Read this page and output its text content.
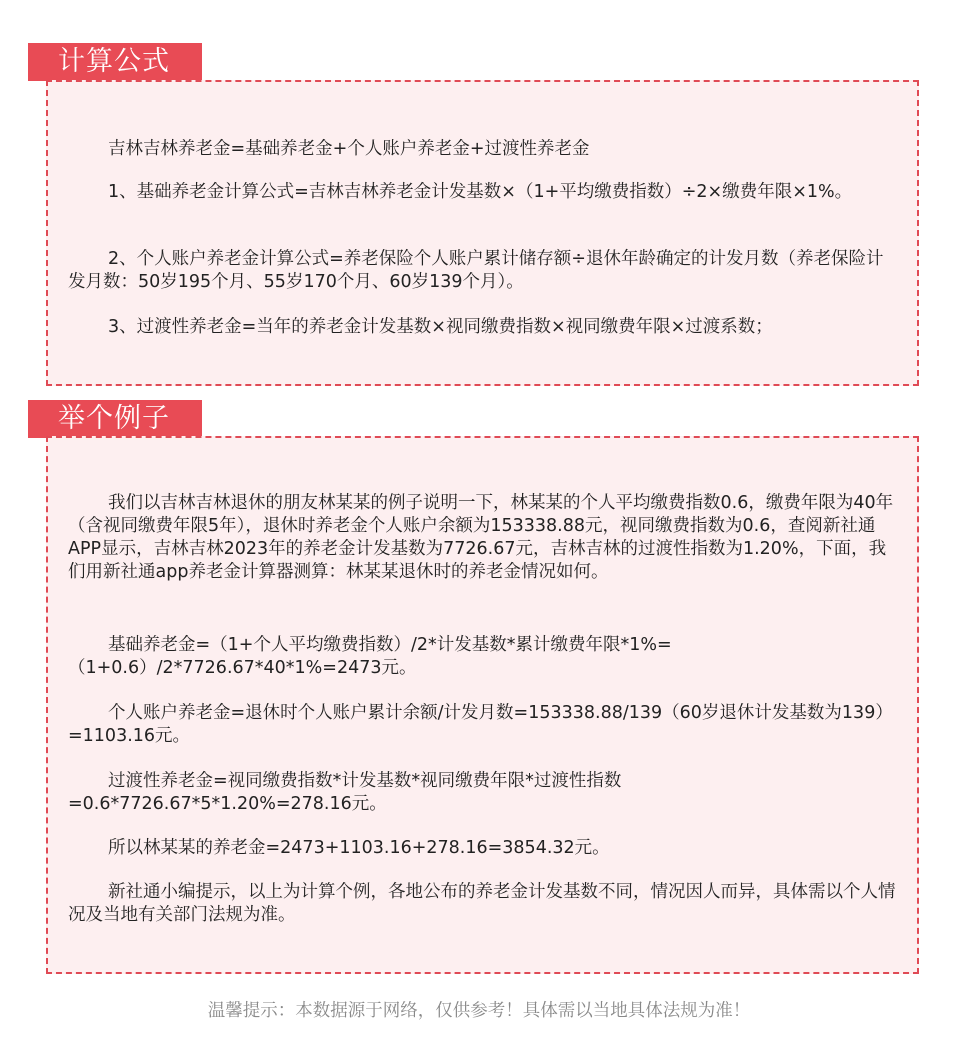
计算公式

吉林吉林养老金=基础养老金+个人账户养老金+过渡性养老金

1、基础养老金计算公式=吉林吉林养老金计发基数×（1+平均缴费指数）÷2×缴费年限×1%。

2、个人账户养老金计算公式=养老保险个人账户累计储存额÷退休年龄确定的计发月数（养老保险计发月数：50岁195个月、55岁170个月、60岁139个月）。

3、过渡性养老金=当年的养老金计发基数×视同缴费指数×视同缴费年限×过渡系数；

举个例子

我们以吉林吉林退休的朋友林某某的例子说明一下，林某某的个人平均缴费指数0.6，缴费年限为40年（含视同缴费年限5年），退休时养老金个人账户余额为153338.88元，视同缴费指数为0.6，查阅新社通APP显示，吉林吉林2023年的养老金计发基数为7726.67元，吉林吉林的过渡性指数为1.20%，下面，我们用新社通app养老金计算器测算：林某某退休时的养老金情况如何。

基础养老金=（1+个人平均缴费指数）/2*计发基数*累计缴费年限*1%=（1+0.6）/2*7726.67*40*1%=2473元。

个人账户养老金=退休时个人账户累计余额/计发月数=153338.88/139（60岁退休计发基数为139）=1103.16元。

过渡性养老金=视同缴费指数*计发基数*视同缴费年限*过渡性指数=0.6*7726.67*5*1.20%=278.16元。

所以林某某的养老金=2473+1103.16+278.16=3854.32元。

新社通小编提示，以上为计算个例，各地公布的养老金计发基数不同，情况因人而异，具体需以个人情况及当地有关部门法规为准。

温馨提示：本数据源于网络，仅供参考！具体需以当地具体法规为准！
